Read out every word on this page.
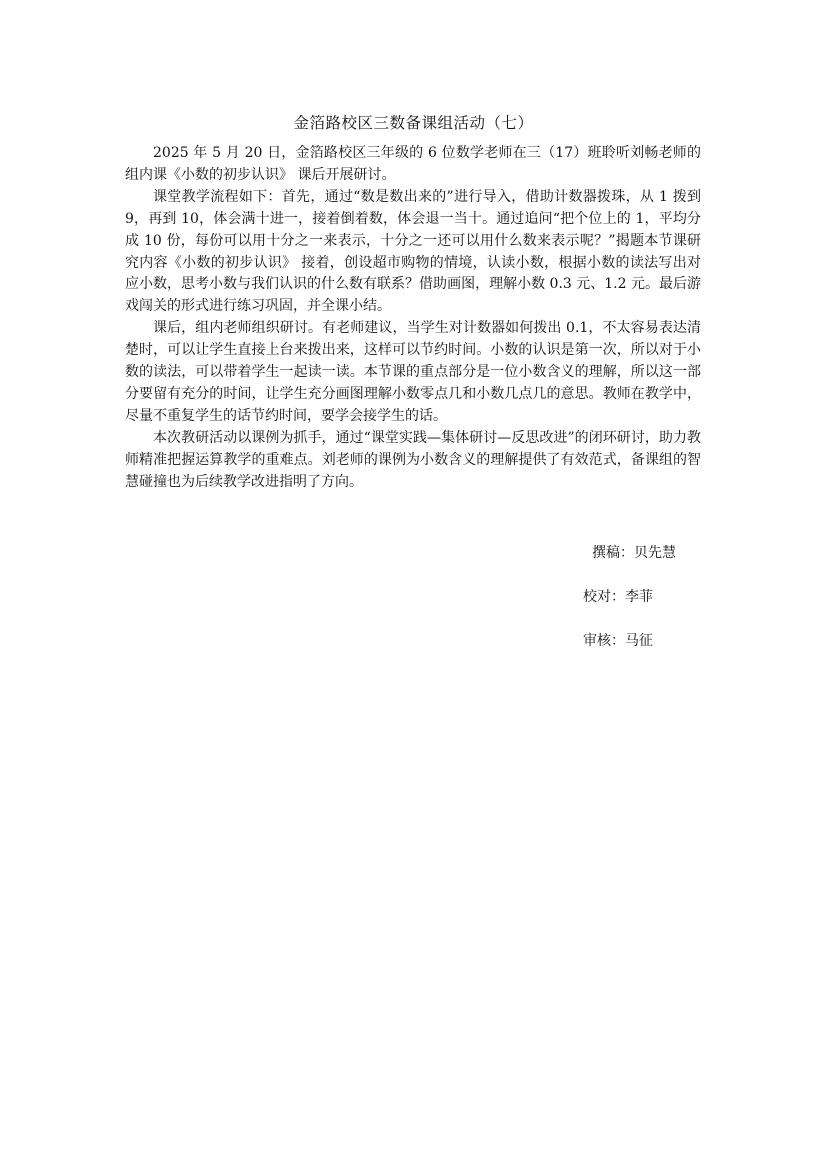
金箔路校区三数备课组活动（七）

2025 年 5 月 20 日，金箔路校区三年级的 6 位数学老师在三（17）班聆听刘畅老师的组内课《小数的初步认识》 课后开展研讨。

课堂教学流程如下：首先，通过“数是数出来的”进行导入，借助计数器拨珠，从 1 拨到 9，再到 10，体会满十进一，接着倒着数，体会退一当十。通过追问“把个位上的 1，平均分成 10 份，每份可以用十分之一来表示，十分之一还可以用什么数来表示呢？”揭题本节课研究内容《小数的初步认识》 接着，创设超市购物的情境，认读小数，根据小数的读法写出对应小数，思考小数与我们认识的什么数有联系？借助画图，理解小数 0.3 元、1.2 元。最后游戏闯关的形式进行练习巩固，并全课小结。

课后，组内老师组织研讨。有老师建议，当学生对计数器如何拨出 0.1，不太容易表达清楚时，可以让学生直接上台来拨出来，这样可以节约时间。小数的认识是第一次，所以对于小数的读法，可以带着学生一起读一读。本节课的重点部分是一位小数含义的理解，所以这一部分要留有充分的时间，让学生充分画图理解小数零点几和小数几点几的意思。教师在教学中，尽量不重复学生的话节约时间，要学会接学生的话。

本次教研活动以课例为抓手，通过“课堂实践—集体研讨—反思改进”的闭环研讨，助力教师精准把握运算教学的重难点。刘老师的课例为小数含义的理解提供了有效范式，备课组的智慧碰撞也为后续教学改进指明了方向。

撰稿：贝先慧
校对：李菲
审核：马征
